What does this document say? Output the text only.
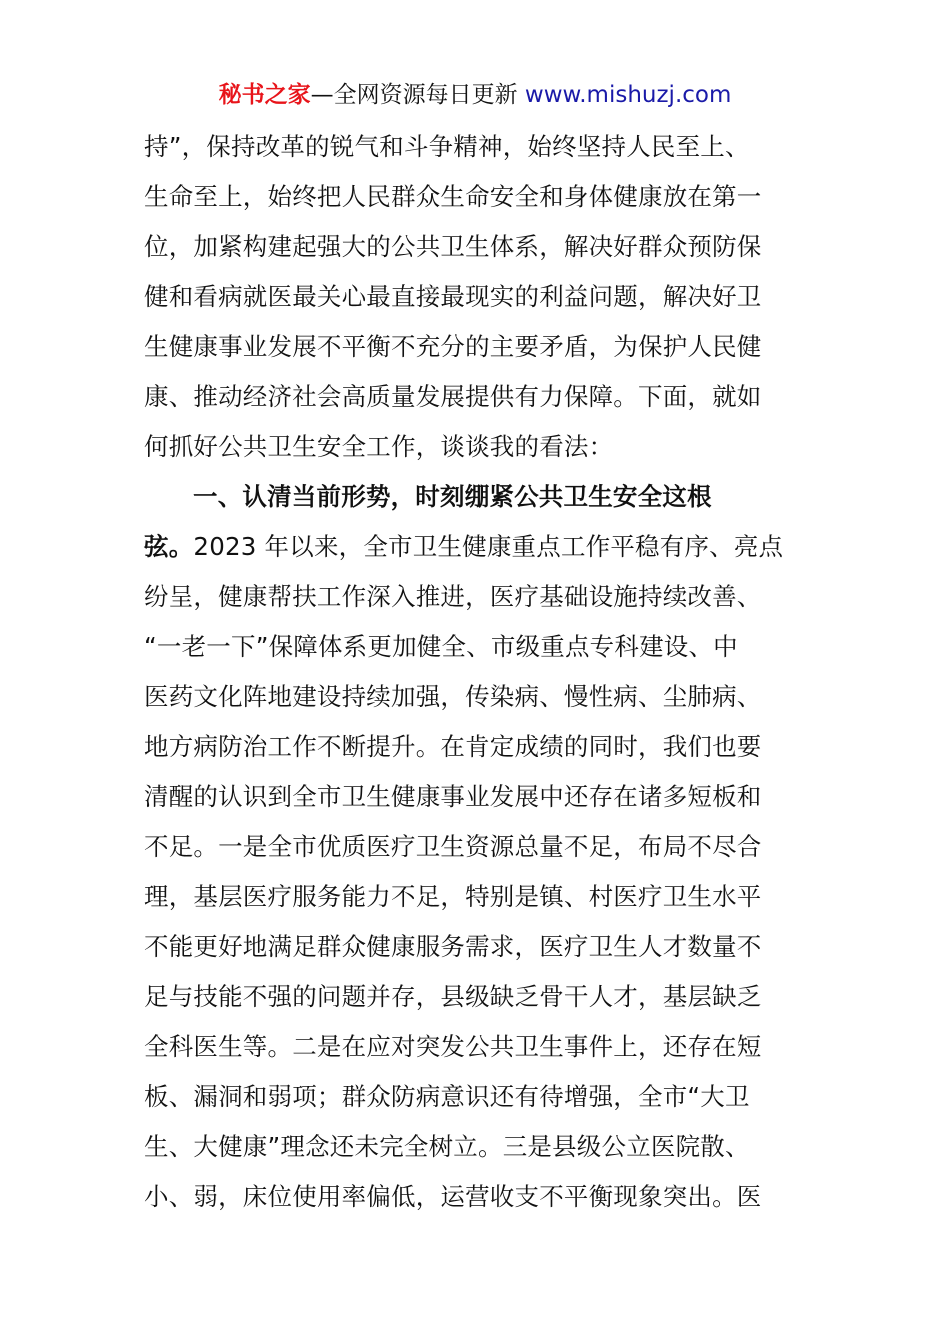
秘书之家—全网资源每日更新 www.mishuzj.com
持”，保持改革的锐气和斗争精神，始终坚持人民至上、
生命至上，始终把人民群众生命安全和身体健康放在第一
位，加紧构建起强大的公共卫生体系，解决好群众预防保
健和看病就医最关心最直接最现实的利益问题，解决好卫
生健康事业发展不平衡不充分的主要矛盾，为保护人民健
康、推动经济社会高质量发展提供有力保障。下面，就如
何抓好公共卫生安全工作，谈谈我的看法：
一、认清当前形势，时刻绷紧公共卫生安全这根
弦。2023 年以来，全市卫生健康重点工作平稳有序、亮点
纷呈，健康帮扶工作深入推进，医疗基础设施持续改善、
“一老一下”保障体系更加健全、市级重点专科建设、中
医药文化阵地建设持续加强，传染病、慢性病、尘肺病、
地方病防治工作不断提升。在肯定成绩的同时，我们也要
清醒的认识到全市卫生健康事业发展中还存在诸多短板和
不足。一是全市优质医疗卫生资源总量不足，布局不尽合
理，基层医疗服务能力不足，特别是镇、村医疗卫生水平
不能更好地满足群众健康服务需求，医疗卫生人才数量不
足与技能不强的问题并存，县级缺乏骨干人才，基层缺乏
全科医生等。二是在应对突发公共卫生事件上，还存在短
板、漏洞和弱项；群众防病意识还有待增强，全市“大卫
生、大健康”理念还未完全树立。三是县级公立医院散、
小、弱，床位使用率偏低，运营收支不平衡现象突出。医
